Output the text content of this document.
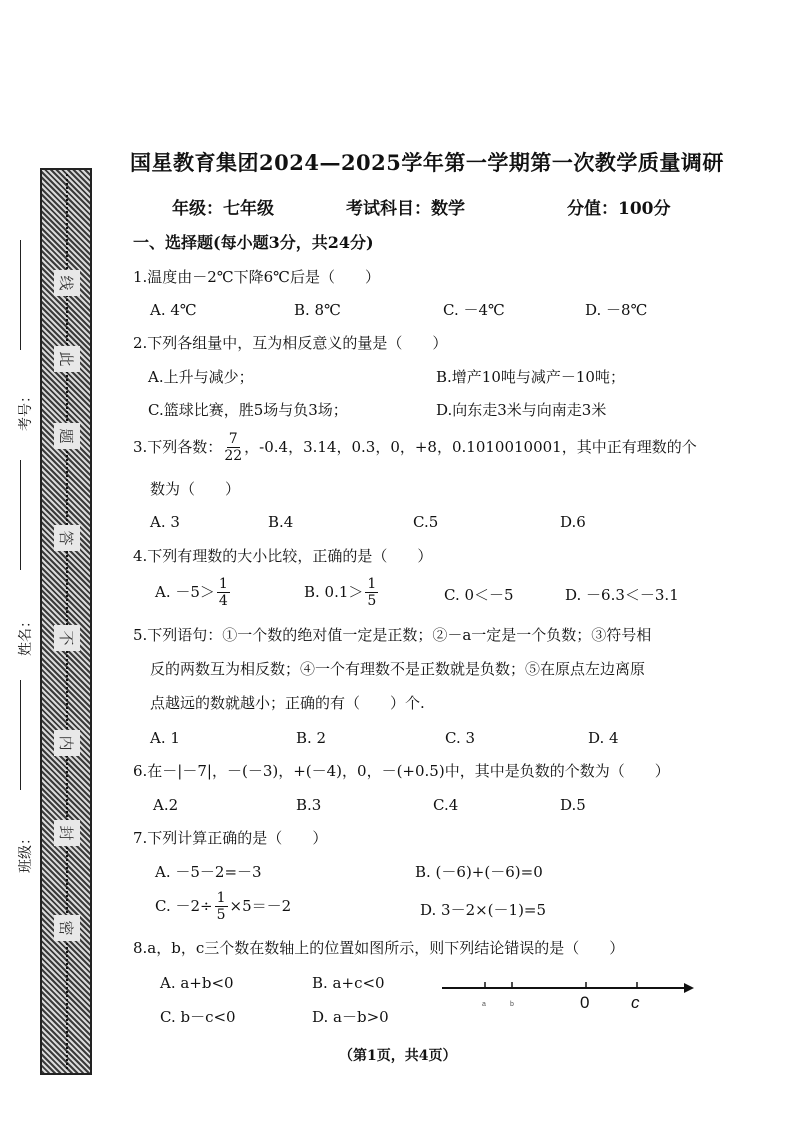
线
此
题
答
不
内
封
密
考号：
姓名：
班级：
国星教育集团2024—2025学年第一学期第一次教学质量调研
年级：七年级	考试科目：数学	分值：100分
一、选择题(每小题3分，共24分)
1.温度由－2℃下降6℃后是（　　）
A. 4℃	B. 8℃	C. －4℃	D. －8℃
2.下列各组量中，互为相反意义的量是（　　）
A.上升与减少；	B.增产10吨与减产－10吨；
C.篮球比赛，胜5场与负3场；	D.向东走3米与向南走3米
3.下列各数： $\frac{7}{22}$ ，-0.4，3.14，0.3，0，+8，0.1010010001，其中正有理数的个
数为（　　）
A. 3	B.4	C.5	D.6
4.下列有理数的大小比较，正确的是（　　）
A. $-5> \frac{1}{4}$	B. $0.1> \frac{1}{5}$	C. 0＜－5	D. －6.3＜－3.1
5.下列语句：①一个数的绝对值一定是正数；②－a一定是一个负数；③符号相
反的两数互为相反数；④一个有理数不是正数就是负数；⑤在原点左边离原
点越远的数就越小；正确的有（　　）个.
A. 1	B. 2	C. 3	D. 4
6.在－|－7|，－(－3)，+(－4)，0，－(+0.5)中，其中是负数的个数为（　　）
A.2	B.3	C.4	D.5
7.下列计算正确的是（　　）
A. －5－2=－3	B. (－6)+(－6)=0
C. $-2\div \frac{1}{5} \times 5=-2$	D. 3－2×(－1)=5
8.a，b，c三个数在数轴上的位置如图所示，则下列结论错误的是（　　）
A. a+b<0	B. a+c<0
C. b－c<0	D. a－b>0
a	b	0 c
（第1页，共4页）
